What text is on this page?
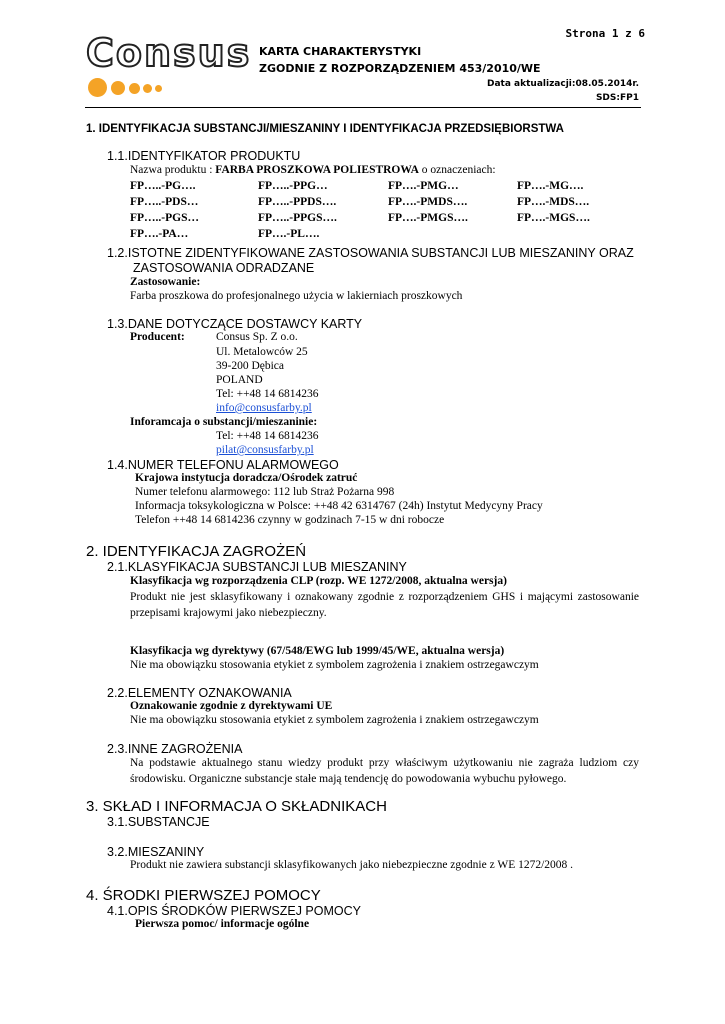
Strona 1 z 6
Consus KARTA CHARAKTERYSTYKI
ZGODNIE Z ROZPORZĄDZENIEM 453/2010/WE
Data aktualizacji:08.05.2014r.
SDS:FP1
1. IDENTYFIKACJA SUBSTANCJI/MIESZANINY I IDENTYFIKACJA PRZEDSIĘBIORSTWA
1.1.IDENTYFIKATOR PRODUKTU
Nazwa produktu : FARBA PROSZKOWA POLIESTROWA o oznaczeniach:
FP…..-PG….	FP…..-PPG…	FP….-PMG…	FP….-MG….
FP…..-PDS…	FP…..-PPDS….	FP….-PMDS….	FP….-MDS….
FP…..-PGS…	FP…..-PPGS….	FP….-PMGS….	FP….-MGS….
FP….-PA…	FP….-PL….
1.2.ISTOTNE ZIDENTYFIKOWANE ZASTOSOWANIA SUBSTANCJI LUB MIESZANINY ORAZ
ZASTOSOWANIA ODRADZANE
Zastosowanie:
Farba proszkowa do profesjonalnego użycia w lakierniach proszkowych
1.3.DANE DOTYCZĄCE DOSTAWCY KARTY
Producent:	Consus Sp. Z o.o.
Ul. Metalowców 25
39-200 Dębica
POLAND
Tel: ++48 14 6814236
info@consusfarby.pl
Inforamcaja o substancji/mieszaninie:
Tel: ++48 14 6814236
pilat@consusfarby.pl
1.4.NUMER TELEFONU ALARMOWEGO
Krajowa instytucja doradcza/Ośrodek zatruć
Numer telefonu alarmowego: 112 lub Straż Pożarna 998
Informacja toksykologiczna w Polsce: ++48 42 6314767 (24h) Instytut Medycyny Pracy
Telefon ++48 14 6814236 czynny w godzinach 7-15 w dni robocze
2. IDENTYFIKACJA ZAGROŻEŃ
2.1.KLASYFIKACJA SUBSTANCJI LUB MIESZANINY
Klasyfikacja wg rozporządzenia CLP (rozp. WE 1272/2008, aktualna wersja)
Produkt nie jest sklasyfikowany i oznakowany zgodnie z rozporządzeniem GHS i mającymi zastosowanie przepisami krajowymi jako niebezpieczny.
Klasyfikacja wg dyrektywy (67/548/EWG lub 1999/45/WE, aktualna wersja)
Nie ma obowiązku stosowania etykiet z symbolem zagrożenia i znakiem ostrzegawczym
2.2.ELEMENTY OZNAKOWANIA
Oznakowanie zgodnie z dyrektywami UE
Nie ma obowiązku stosowania etykiet z symbolem zagrożenia i znakiem ostrzegawczym
2.3.INNE ZAGROŻENIA
Na podstawie aktualnego stanu wiedzy produkt przy właściwym użytkowaniu nie zagraża ludziom czy środowisku. Organiczne substancje stałe mają tendencję do powodowania wybuchu pyłowego.
3. SKŁAD I INFORMACJA O SKŁADNIKACH
3.1.SUBSTANCJE
3.2.MIESZANINY
Produkt nie zawiera substancji sklasyfikowanych jako niebezpieczne zgodnie z WE 1272/2008 .
4. ŚRODKI PIERWSZEJ POMOCY
4.1.OPIS ŚRODKÓW PIERWSZEJ POMOCY
Pierwsza pomoc/ informacje ogólne
